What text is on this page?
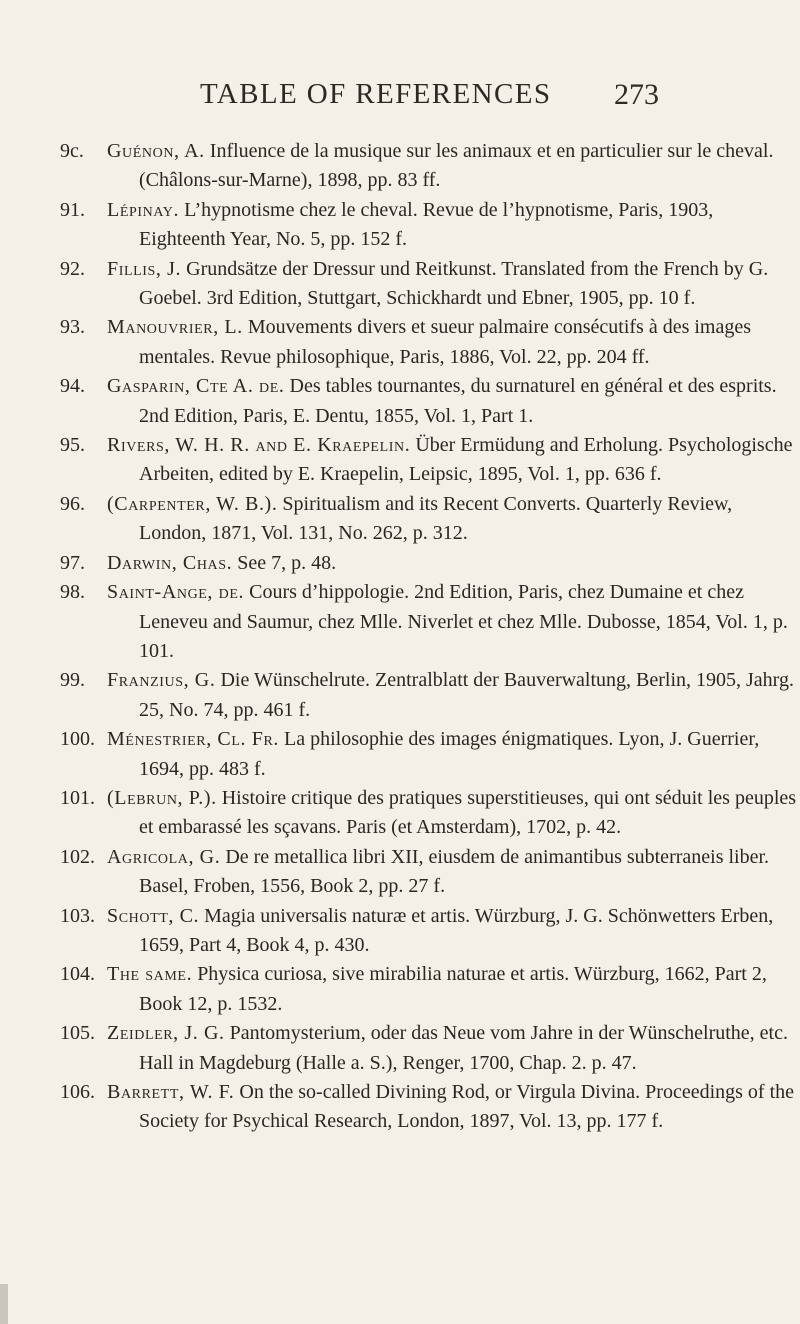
TABLE OF REFERENCES 273
9c. Guénon, A. Influence de la musique sur les animaux et en particulier sur le cheval. (Châlons-sur-Marne), 1898, pp. 83 ff.
91. Lépinay. L’hypnotisme chez le cheval. Revue de l’hypnotisme, Paris, 1903, Eighteenth Year, No. 5, pp. 152 f.
92. Fillis, J. Grundsätze der Dressur und Reitkunst. Translated from the French by G. Goebel. 3rd Edition, Stuttgart, Schickhardt und Ebner, 1905, pp. 10 f.
93. Manouvrier, L. Mouvements divers et sueur palmaire consécutifs à des images mentales. Revue philosophique, Paris, 1886, Vol. 22, pp. 204 ff.
94. Gasparin, Cte A. de. Des tables tournantes, du surnaturel en général et des esprits. 2nd Edition, Paris, E. Dentu, 1855, Vol. 1, Part 1.
95. Rivers, W. H. R. and E. Kraepelin. Über Ermüdung and Erholung. Psychologische Arbeiten, edited by E. Kraepelin, Leipsic, 1895, Vol. 1, pp. 636 f.
96. (Carpenter, W. B.). Spiritualism and its Recent Converts. Quarterly Review, London, 1871, Vol. 131, No. 262, p. 312.
97. Darwin, Chas. See 7, p. 48.
98. Saint-Ange, de. Cours d’hippologie. 2nd Edition, Paris, chez Dumaine et chez Leneveu and Saumur, chez Mlle. Niverlet et chez Mlle. Dubosse, 1854, Vol. 1, p. 101.
99. Franzius, G. Die Wünschelrute. Zentralblatt der Bauverwaltung, Berlin, 1905, Jahrg. 25, No. 74, pp. 461 f.
100. Ménestrier, Cl. Fr. La philosophie des images énigmatiques. Lyon, J. Guerrier, 1694, pp. 483 f.
101. (Lebrun, P.). Histoire critique des pratiques superstitieuses, qui ont séduit les peuples et embarassé les sçavans. Paris (et Amsterdam), 1702, p. 42.
102. Agricola, G. De re metallica libri XII, eiusdem de animantibus subterraneis liber. Basel, Froben, 1556, Book 2, pp. 27 f.
103. Schott, C. Magia universalis naturæ et artis. Würzburg, J. G. Schönwetters Erben, 1659, Part 4, Book 4, p. 430.
104. The same. Physica curiosa, sive mirabilia naturae et artis. Würzburg, 1662, Part 2, Book 12, p. 1532.
105. Zeidler, J. G. Pantomysterium, oder das Neue vom Jahre in der Wünschelruthe, etc. Hall in Magdeburg (Halle a. S.), Renger, 1700, Chap. 2. p. 47.
106. Barrett, W. F. On the so-called Divining Rod, or Virgula Divina. Proceedings of the Society for Psychical Research, London, 1897, Vol. 13, pp. 177 f.
